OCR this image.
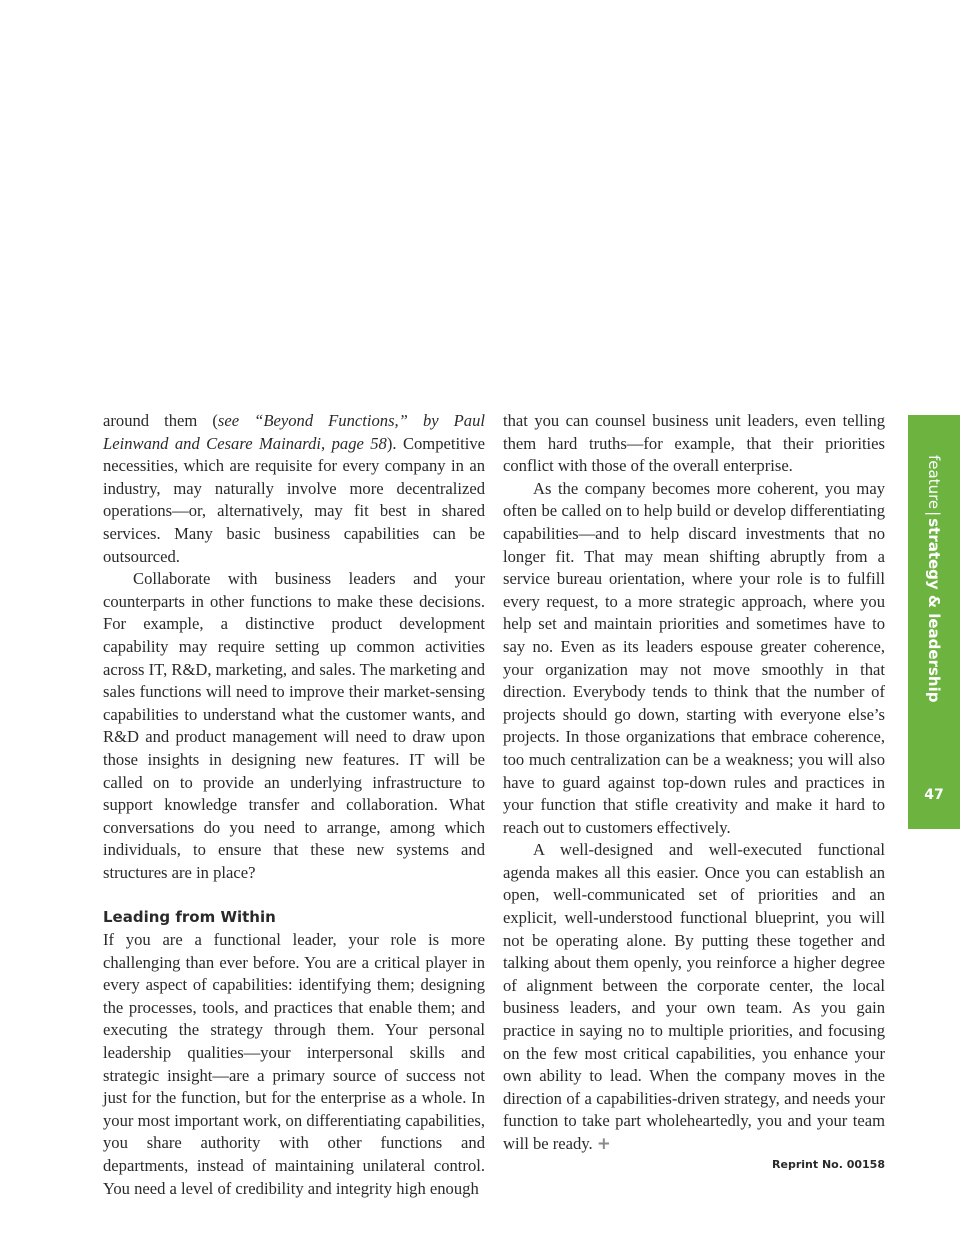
around them (see “Beyond Functions,” by Paul Leinwand and Cesare Mainardi, page 58). Competitive necessities, which are requisite for every company in an industry, may naturally involve more decentralized operations—or, alternatively, may fit best in shared services. Many basic business capabilities can be outsourced.

Collaborate with business leaders and your counterparts in other functions to make these decisions. For example, a distinctive product development capability may require setting up common activities across IT, R&D, marketing, and sales. The marketing and sales functions will need to improve their market-sensing capabilities to understand what the customer wants, and R&D and product management will need to draw upon those insights in designing new features. IT will be called on to provide an underlying infrastructure to support knowledge transfer and collaboration. What conversations do you need to arrange, among which individuals, to ensure that these new systems and structures are in place?

Leading from Within

If you are a functional leader, your role is more challenging than ever before. You are a critical player in every aspect of capabilities: identifying them; designing the processes, tools, and practices that enable them; and executing the strategy through them. Your personal leadership qualities—your interpersonal skills and strategic insight—are a primary source of success not just for the function, but for the enterprise as a whole. In your most important work, on differentiating capabilities, you share authority with other functions and departments, instead of maintaining unilateral control. You need a level of credibility and integrity high enough

that you can counsel business unit leaders, even telling them hard truths—for example, that their priorities conflict with those of the overall enterprise.

As the company becomes more coherent, you may often be called on to help build or develop differentiating capabilities—and to help discard investments that no longer fit. That may mean shifting abruptly from a service bureau orientation, where your role is to fulfill every request, to a more strategic approach, where you help set and maintain priorities and sometimes have to say no. Even as its leaders espouse greater coherence, your organization may not move smoothly in that direction. Everybody tends to think that the number of projects should go down, starting with everyone else’s projects. In those organizations that embrace coherence, too much centralization can be a weakness; you will also have to guard against top-down rules and practices in your function that stifle creativity and make it hard to reach out to customers effectively.

A well-designed and well-executed functional agenda makes all this easier. Once you can establish an open, well-communicated set of priorities and an explicit, well-understood functional blueprint, you will not be operating alone. By putting these together and talking about them openly, you reinforce a higher degree of alignment between the corporate center, the local business leaders, and your own team. As you gain practice in saying no to multiple priorities, and focusing on the few most critical capabilities, you enhance your own ability to lead. When the company moves in the direction of a capabilities-driven strategy, and needs your function to take part wholeheartedly, you and your team will be ready. +

feature|strategy & leadership
47
Reprint No. 00158
